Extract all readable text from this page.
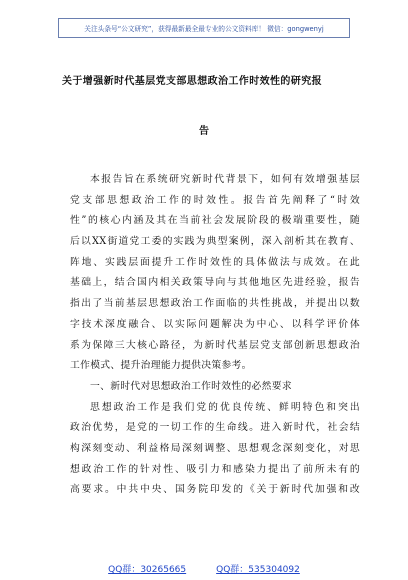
关注头条号“公文研究”，获得最新最全最专业的公文资料库！ 微信：gongwenyj
关于增强新时代基层党支部思想政治工作时效性的研究报
告
本报告旨在系统研究新时代背景下，如何有效增强基层
党支部思想政治工作的时效性。报告首先阐释了“时效
性”的核心内涵及其在当前社会发展阶段的极端重要性，随
后以XX街道党工委的实践为典型案例，深入剖析其在教育、
阵地、实践层面提升工作时效性的具体做法与成效。在此
基础上，结合国内相关政策导向与其他地区先进经验，报告
指出了当前基层思想政治工作面临的共性挑战，并提出以数
字技术深度融合、以实际问题解决为中心、以科学评价体
系为保障三大核心路径，为新时代基层党支部创新思想政治
工作模式、提升治理能力提供决策参考。
一、新时代对思想政治工作时效性的必然要求
思想政治工作是我们党的优良传统、鲜明特色和突出
政治优势，是党的一切工作的生命线。进入新时代，社会结
构深刻变动、利益格局深刻调整、思想观念深刻变化，对思
想政治工作的针对性、吸引力和感染力提出了前所未有的
高要求。中共中央、国务院印发的《关于新时代加强和改
QQ群：30265665	QQ群：535304092
